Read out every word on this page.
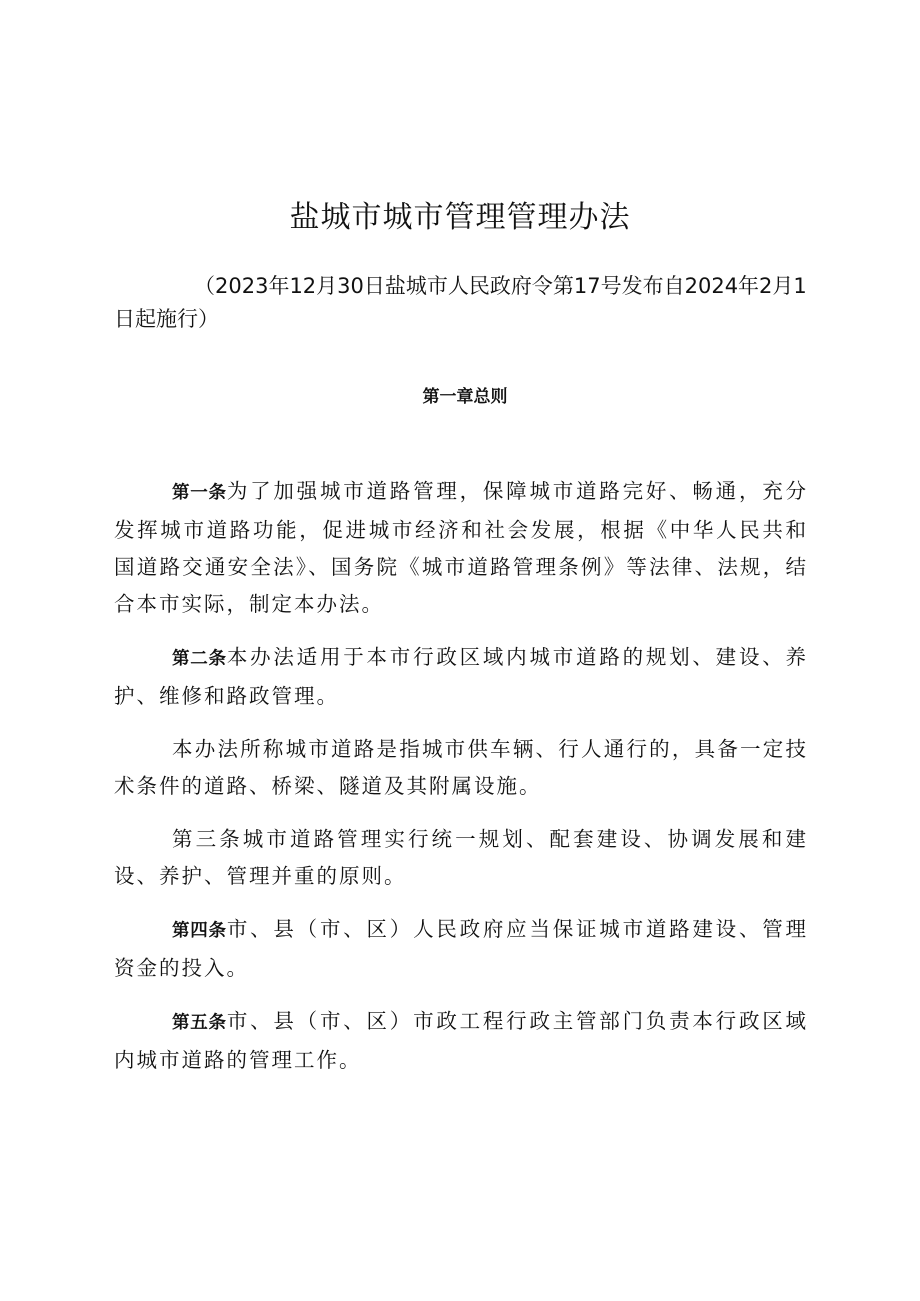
盐城市城市管理管理办法

（2023年12月30日盐城市人民政府令第17号发布自2024年2月1日起施行）

第一章总则

第一条为了加强城市道路管理，保障城市道路完好、畅通，充分发挥城市道路功能，促进城市经济和社会发展，根据《中华人民共和国道路交通安全法》、国务院《城市道路管理条例》等法律、法规，结合本市实际，制定本办法。

第二条本办法适用于本市行政区域内城市道路的规划、建设、养护、维修和路政管理。

本办法所称城市道路是指城市供车辆、行人通行的，具备一定技术条件的道路、桥梁、隧道及其附属设施。

第三条城市道路管理实行统一规划、配套建设、协调发展和建设、养护、管理并重的原则。

第四条市、县（市、区）人民政府应当保证城市道路建设、管理资金的投入。

第五条市、县（市、区）市政工程行政主管部门负责本行政区域内城市道路的管理工作。
